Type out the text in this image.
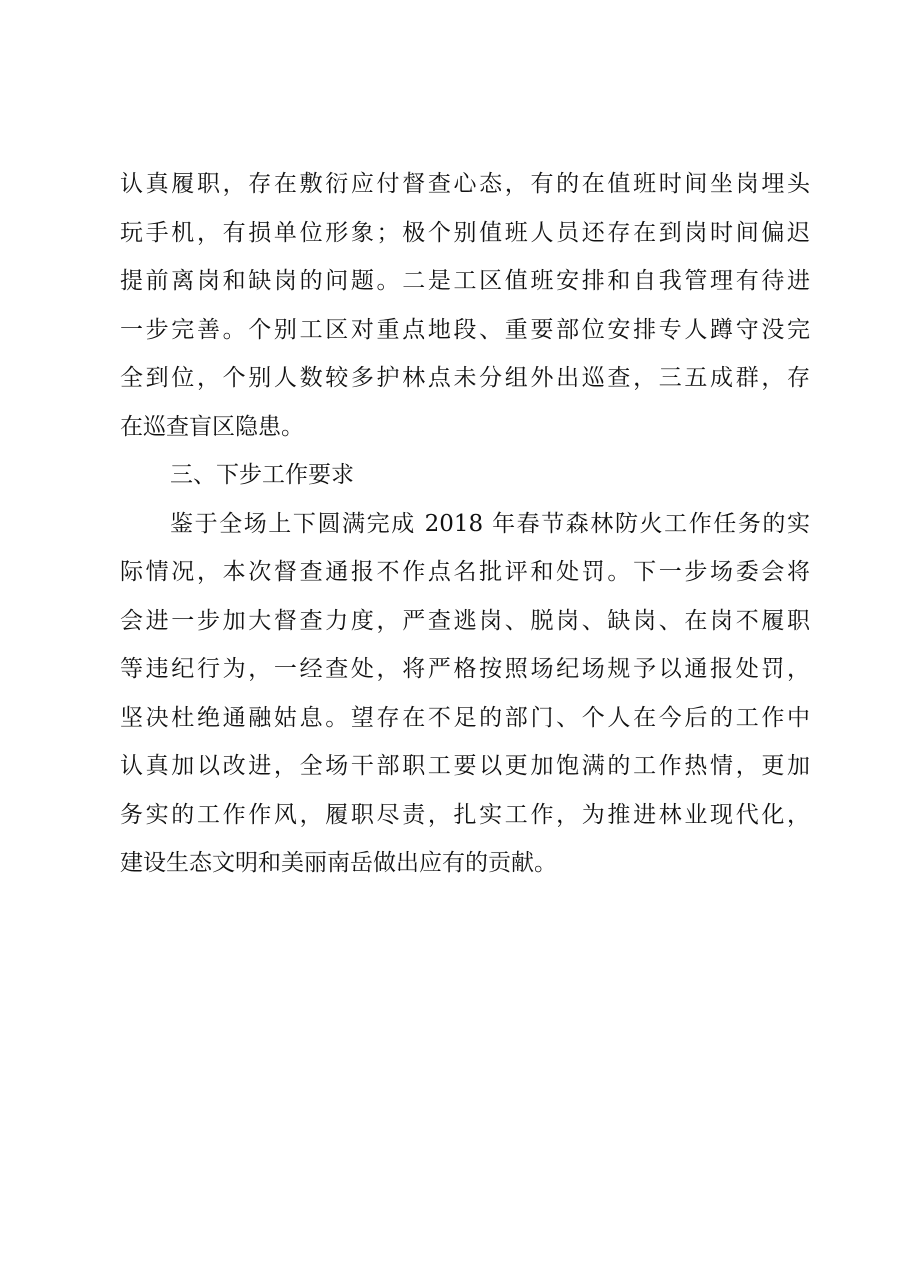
认真履职，存在敷衍应付督查心态，有的在值班时间坐岗埋头
玩手机，有损单位形象；极个别值班人员还存在到岗时间偏迟
提前离岗和缺岗的问题。二是工区值班安排和自我管理有待进
一步完善。个别工区对重点地段、重要部位安排专人蹲守没完
全到位，个别人数较多护林点未分组外出巡查，三五成群，存
在巡查盲区隐患。
三、下步工作要求
鉴于全场上下圆满完成 2018 年春节森林防火工作任务的实
际情况，本次督查通报不作点名批评和处罚。下一步场委会将
会进一步加大督查力度，严查逃岗、脱岗、缺岗、在岗不履职
等违纪行为，一经查处，将严格按照场纪场规予以通报处罚，
坚决杜绝通融姑息。望存在不足的部门、个人在今后的工作中
认真加以改进，全场干部职工要以更加饱满的工作热情，更加
务实的工作作风，履职尽责，扎实工作，为推进林业现代化，
建设生态文明和美丽南岳做出应有的贡献。
